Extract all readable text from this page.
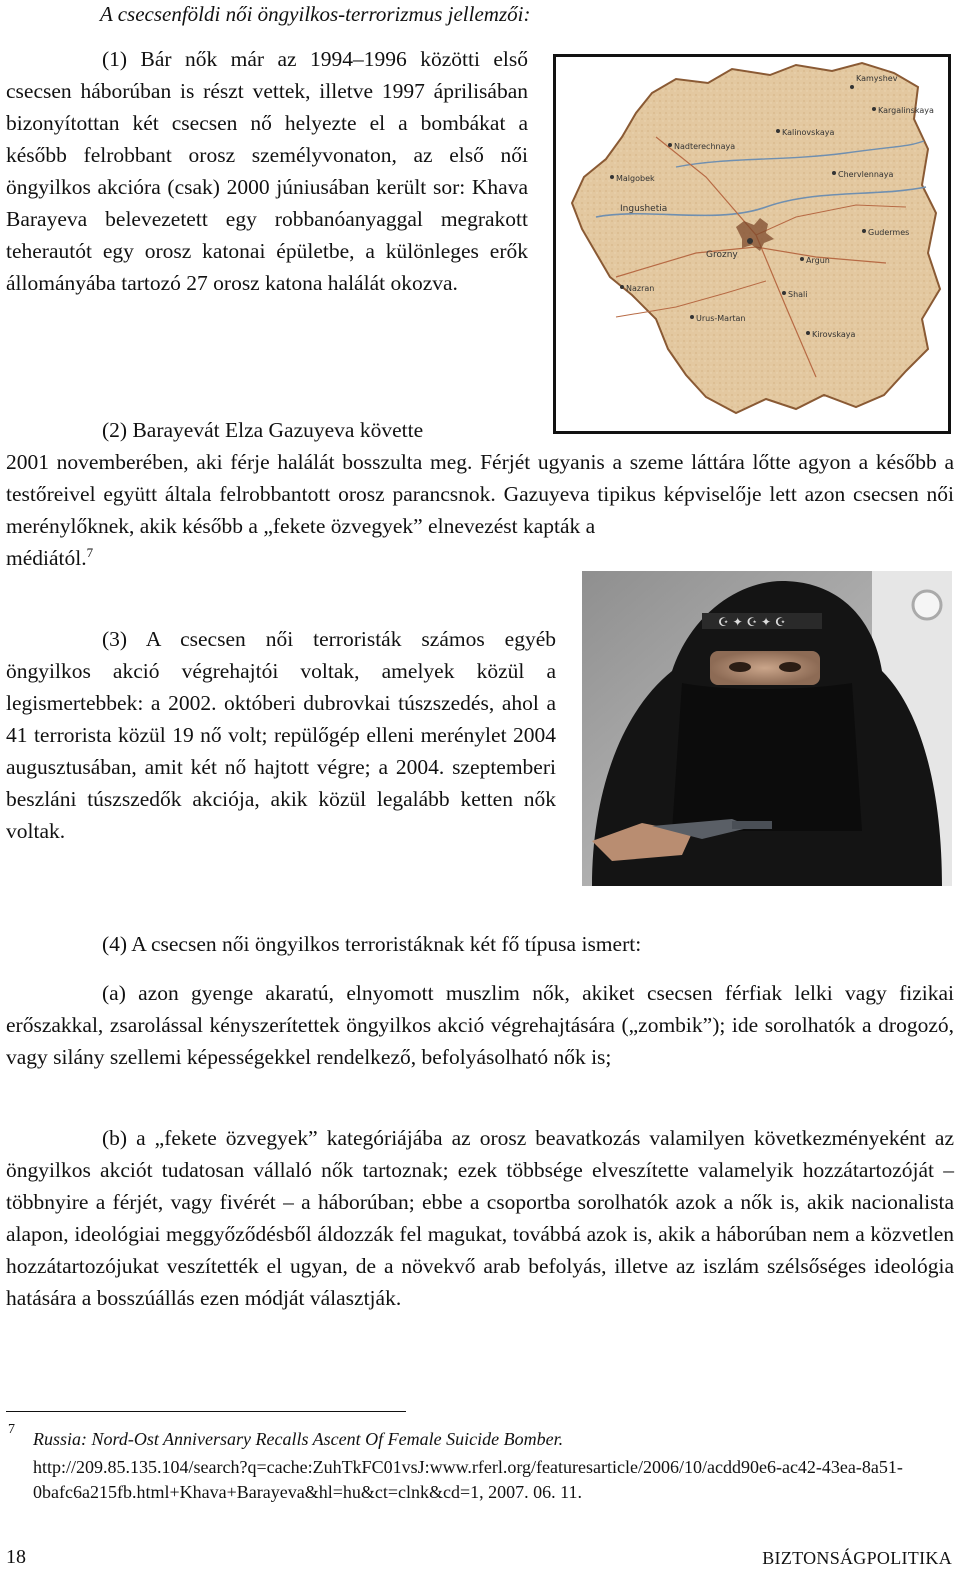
A csecsenföldi női öngyilkos-terrorizmus jellemzői:
(1) Bár nők már az 1994–1996 közötti első csecsen háborúban is részt vettek, illetve 1997 áprilisában bizonyítottan két csecsen nő helyezte el a bombákat a később felrobbant orosz személyvonaton, az első női öngyilkos akcióra (csak) 2000 júniusában került sor: Khava Barayeva belevezetett egy robbanóanyaggal megrakott teherautót egy orosz katonai épületbe, a különleges erők állományába tartozó 27 orosz katona halálát okozva.
Kamyshev
Kargalinskaya
Kalinovskaya
Nadterechnaya
Chervlennaya
Malgobek
Gudermes
Ingushetia
Grozny
Argun
Nazran
Shali
Urus-Martan
Kirovskaya
(2) Barayevát Elza Gazuyeva követte
2001 novemberében, aki férje halálát bosszulta meg. Férjét ugyanis a szeme láttára lőtte agyon a később a testőreivel együtt általa felrobbantott orosz parancsnok. Gazuyeva tipikus képviselője lett azon csecsen női merénylőknek, akik később a „fekete özvegyek” elnevezést kapták a
médiától.$^7$
☪ ✦ ☪ ✦ ☪
(3) A csecsen női terroristák számos egyéb öngyilkos akció végrehajtói voltak, amelyek közül a legismertebbek: a 2002. októberi dubrovkai túszszedés, ahol a 41 terrorista közül 19 nő volt; repülőgép elleni merénylet 2004 augusztusában, amit két nő hajtott végre; a 2004. szeptemberi beszláni túszszedők akciója, akik közül legalább ketten nők voltak.
(4) A csecsen női öngyilkos terroristáknak két fő típusa ismert:
(a) azon gyenge akaratú, elnyomott muszlim nők, akiket csecsen férfiak lelki vagy fizikai erőszakkal, zsarolással kényszerítettek öngyilkos akció végrehajtására („zombik”); ide sorolhatók a drogozó, vagy silány szellemi képességekkel rendelkező, befolyásolható nők is;
(b) a „fekete özvegyek” kategóriájába az orosz beavatkozás valamilyen következményeként az öngyilkos akciót tudatosan vállaló nők tartoznak; ezek többsége elveszítette valamelyik hozzátartozóját – többnyire a férjét, vagy fivérét – a háborúban; ebbe a csoportba sorolhatók azok a nők is, akik nacionalista alapon, ideológiai meggyőződésből áldozzák fel magukat, továbbá azok is, akik a háborúban nem a közvetlen hozzátartozójukat veszítették el ugyan, de a növekvő arab befolyás, illetve az iszlám szélsőséges ideológia hatására a bosszúállás ezen módját választják.
7 Russia: Nord-Ost Anniversary Recalls Ascent Of Female Suicide Bomber.
http://209.85.135.104/search?q=cache:ZuhTkFC01vsJ:www.rferl.org/featuresarticle/2006/10/acdd90e6-ac42-43ea-8a51-0bafc6a215fb.html+Khava+Barayeva&hl=hu&ct=clnk&cd=1, 2007. 06. 11.
18	BIZTONSÁGPOLITIKA
